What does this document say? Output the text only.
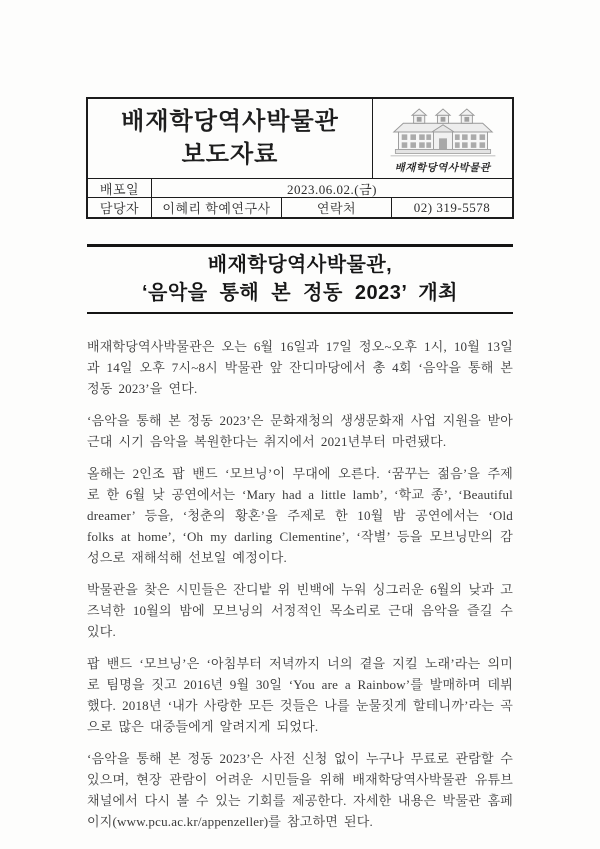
배재학당역사박물관
보도자료	배재학당역사박물관
배포일	2023.06.02.(금)
담당자	이혜리 학예연구사	연락처	02) 319-5578

배재학당역사박물관,

‘음악을 통해 본 정동 2023’ 개최

배재학당역사박물관은 오는 6월 16일과 17일 정오~오후 1시, 10월 13일과 14일 오후 7시~8시 박물관 앞 잔디마당에서 총 4회 ‘음악을 통해 본 정동 2023’을 연다.

‘음악을 통해 본 정동 2023’은 문화재청의 생생문화재 사업 지원을 받아 근대 시기 음악을 복원한다는 취지에서 2021년부터 마련됐다.

올해는 2인조 팝 밴드 ‘모브닝’이 무대에 오른다. ‘꿈꾸는 젊음’을 주제로 한 6월 낮 공연에서는 ‘Mary had a little lamb’, ‘학교 종’, ‘Beautiful dreamer’ 등을, ‘청춘의 황혼’을 주제로 한 10월 밤 공연에서는 ‘Old folks at home’, ‘Oh my darling Clementine’, ‘작별’ 등을 모브닝만의 감성으로 재해석해 선보일 예정이다.

박물관을 찾은 시민들은 잔디밭 위 빈백에 누워 싱그러운 6월의 낮과 고즈넉한 10월의 밤에 모브닝의 서정적인 목소리로 근대 음악을 즐길 수 있다.

팝 밴드 ‘모브닝’은 ‘아침부터 저녁까지 너의 곁을 지킬 노래’라는 의미로 팀명을 짓고 2016년 9월 30일 ‘You are a Rainbow’를 발매하며 데뷔했다. 2018년 ‘내가 사랑한 모든 것들은 나를 눈물짓게 할테니까’라는 곡으로 많은 대중들에게 알려지게 되었다.

‘음악을 통해 본 정동 2023’은 사전 신청 없이 누구나 무료로 관람할 수 있으며, 현장 관람이 어려운 시민들을 위해 배재학당역사박물관 유튜브 채널에서 다시 볼 수 있는 기회를 제공한다. 자세한 내용은 박물관 홈페이지(www.pcu.ac.kr/appenzeller)를 참고하면 된다.
